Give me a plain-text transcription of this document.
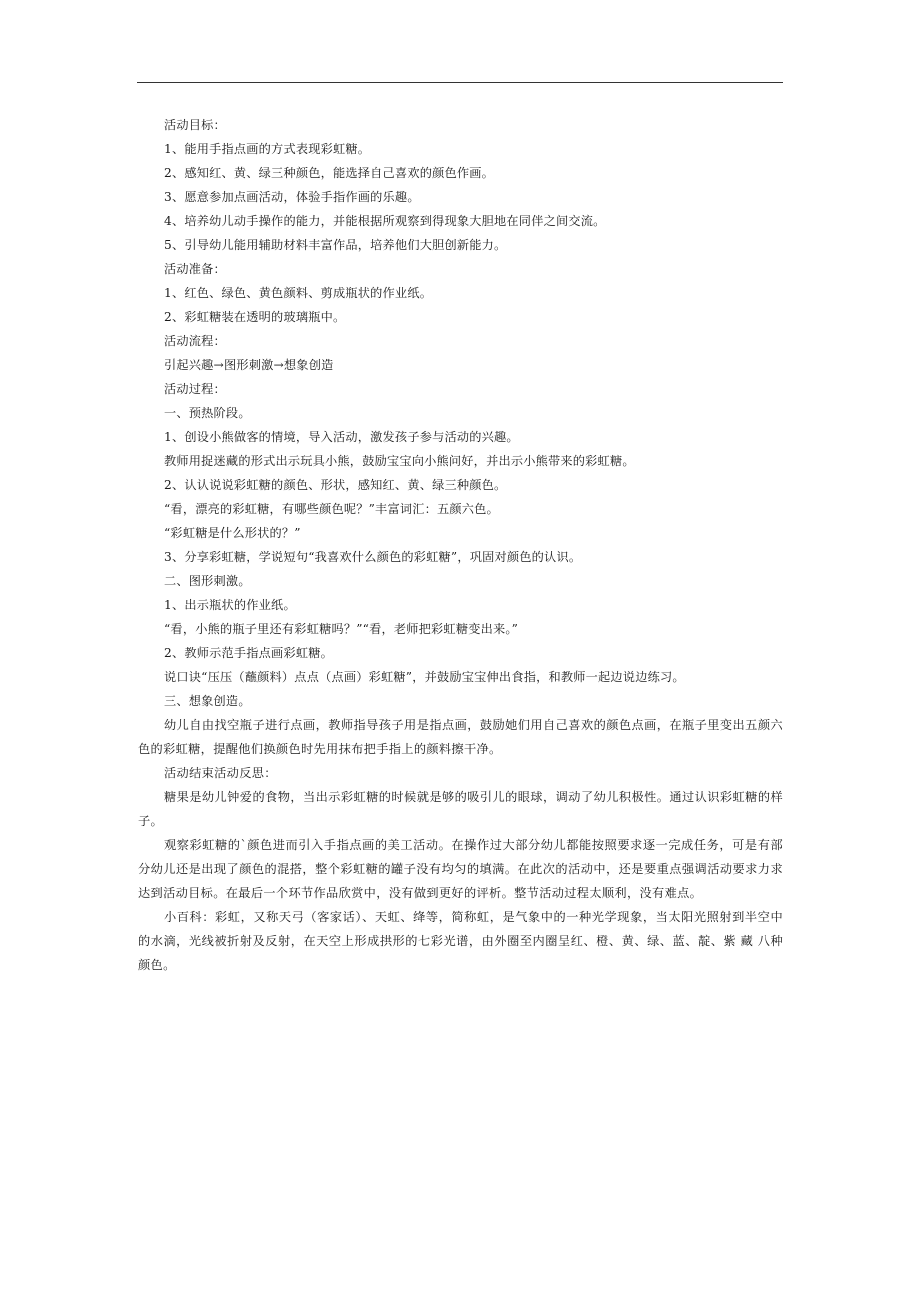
活动目标：
1、能用手指点画的方式表现彩虹糖。
2、感知红、黄、绿三种颜色，能选择自己喜欢的颜色作画。
3、愿意参加点画活动，体验手指作画的乐趣。
4、培养幼儿动手操作的能力，并能根据所观察到得现象大胆地在同伴之间交流。
5、引导幼儿能用辅助材料丰富作品，培养他们大胆创新能力。
活动准备：
1、红色、绿色、黄色颜料、剪成瓶状的作业纸。
2、彩虹糖装在透明的玻璃瓶中。
活动流程：
引起兴趣→图形刺激→想象创造
活动过程：
一、预热阶段。
1、创设小熊做客的情境，导入活动，激发孩子参与活动的兴趣。
教师用捉迷藏的形式出示玩具小熊，鼓励宝宝向小熊问好，并出示小熊带来的彩虹糖。
2、认认说说彩虹糖的颜色、形状，感知红、黄、绿三种颜色。
“看，漂亮的彩虹糖，有哪些颜色呢？”丰富词汇：五颜六色。
“彩虹糖是什么形状的？”
3、分享彩虹糖，学说短句“我喜欢什么颜色的彩虹糖”，巩固对颜色的认识。
二、图形刺激。
1、出示瓶状的作业纸。
“看，小熊的瓶子里还有彩虹糖吗？”“看，老师把彩虹糖变出来。”
2、教师示范手指点画彩虹糖。
说口诀“压压（蘸颜料）点点（点画）彩虹糖”，并鼓励宝宝伸出食指，和教师一起边说边练习。
三、想象创造。
幼儿自由找空瓶子进行点画，教师指导孩子用是指点画，鼓励她们用自己喜欢的颜色点画，在瓶子里变出五颜六色的彩虹糖，提醒他们换颜色时先用抹布把手指上的颜料擦干净。
活动结束活动反思：
糖果是幼儿钟爱的食物，当出示彩虹糖的时候就是够的吸引儿的眼球，调动了幼儿积极性。通过认识彩虹糖的样子。
观察彩虹糖的`颜色进而引入手指点画的美工活动。在操作过大部分幼儿都能按照要求逐一完成任务，可是有部分幼儿还是出现了颜色的混搭，整个彩虹糖的罐子没有均匀的填满。在此次的活动中，还是要重点强调活动要求力求达到活动目标。在最后一个环节作品欣赏中，没有做到更好的评析。整节活动过程太顺利，没有难点。
小百科：彩虹，又称天弓（客家话）、天虹、绛等，简称虹，是气象中的一种光学现象，当太阳光照射到半空中的水滴，光线被折射及反射，在天空上形成拱形的七彩光谱，由外圈至内圈呈红、橙、黄、绿、蓝、靛、紫 藏 八种颜色。
